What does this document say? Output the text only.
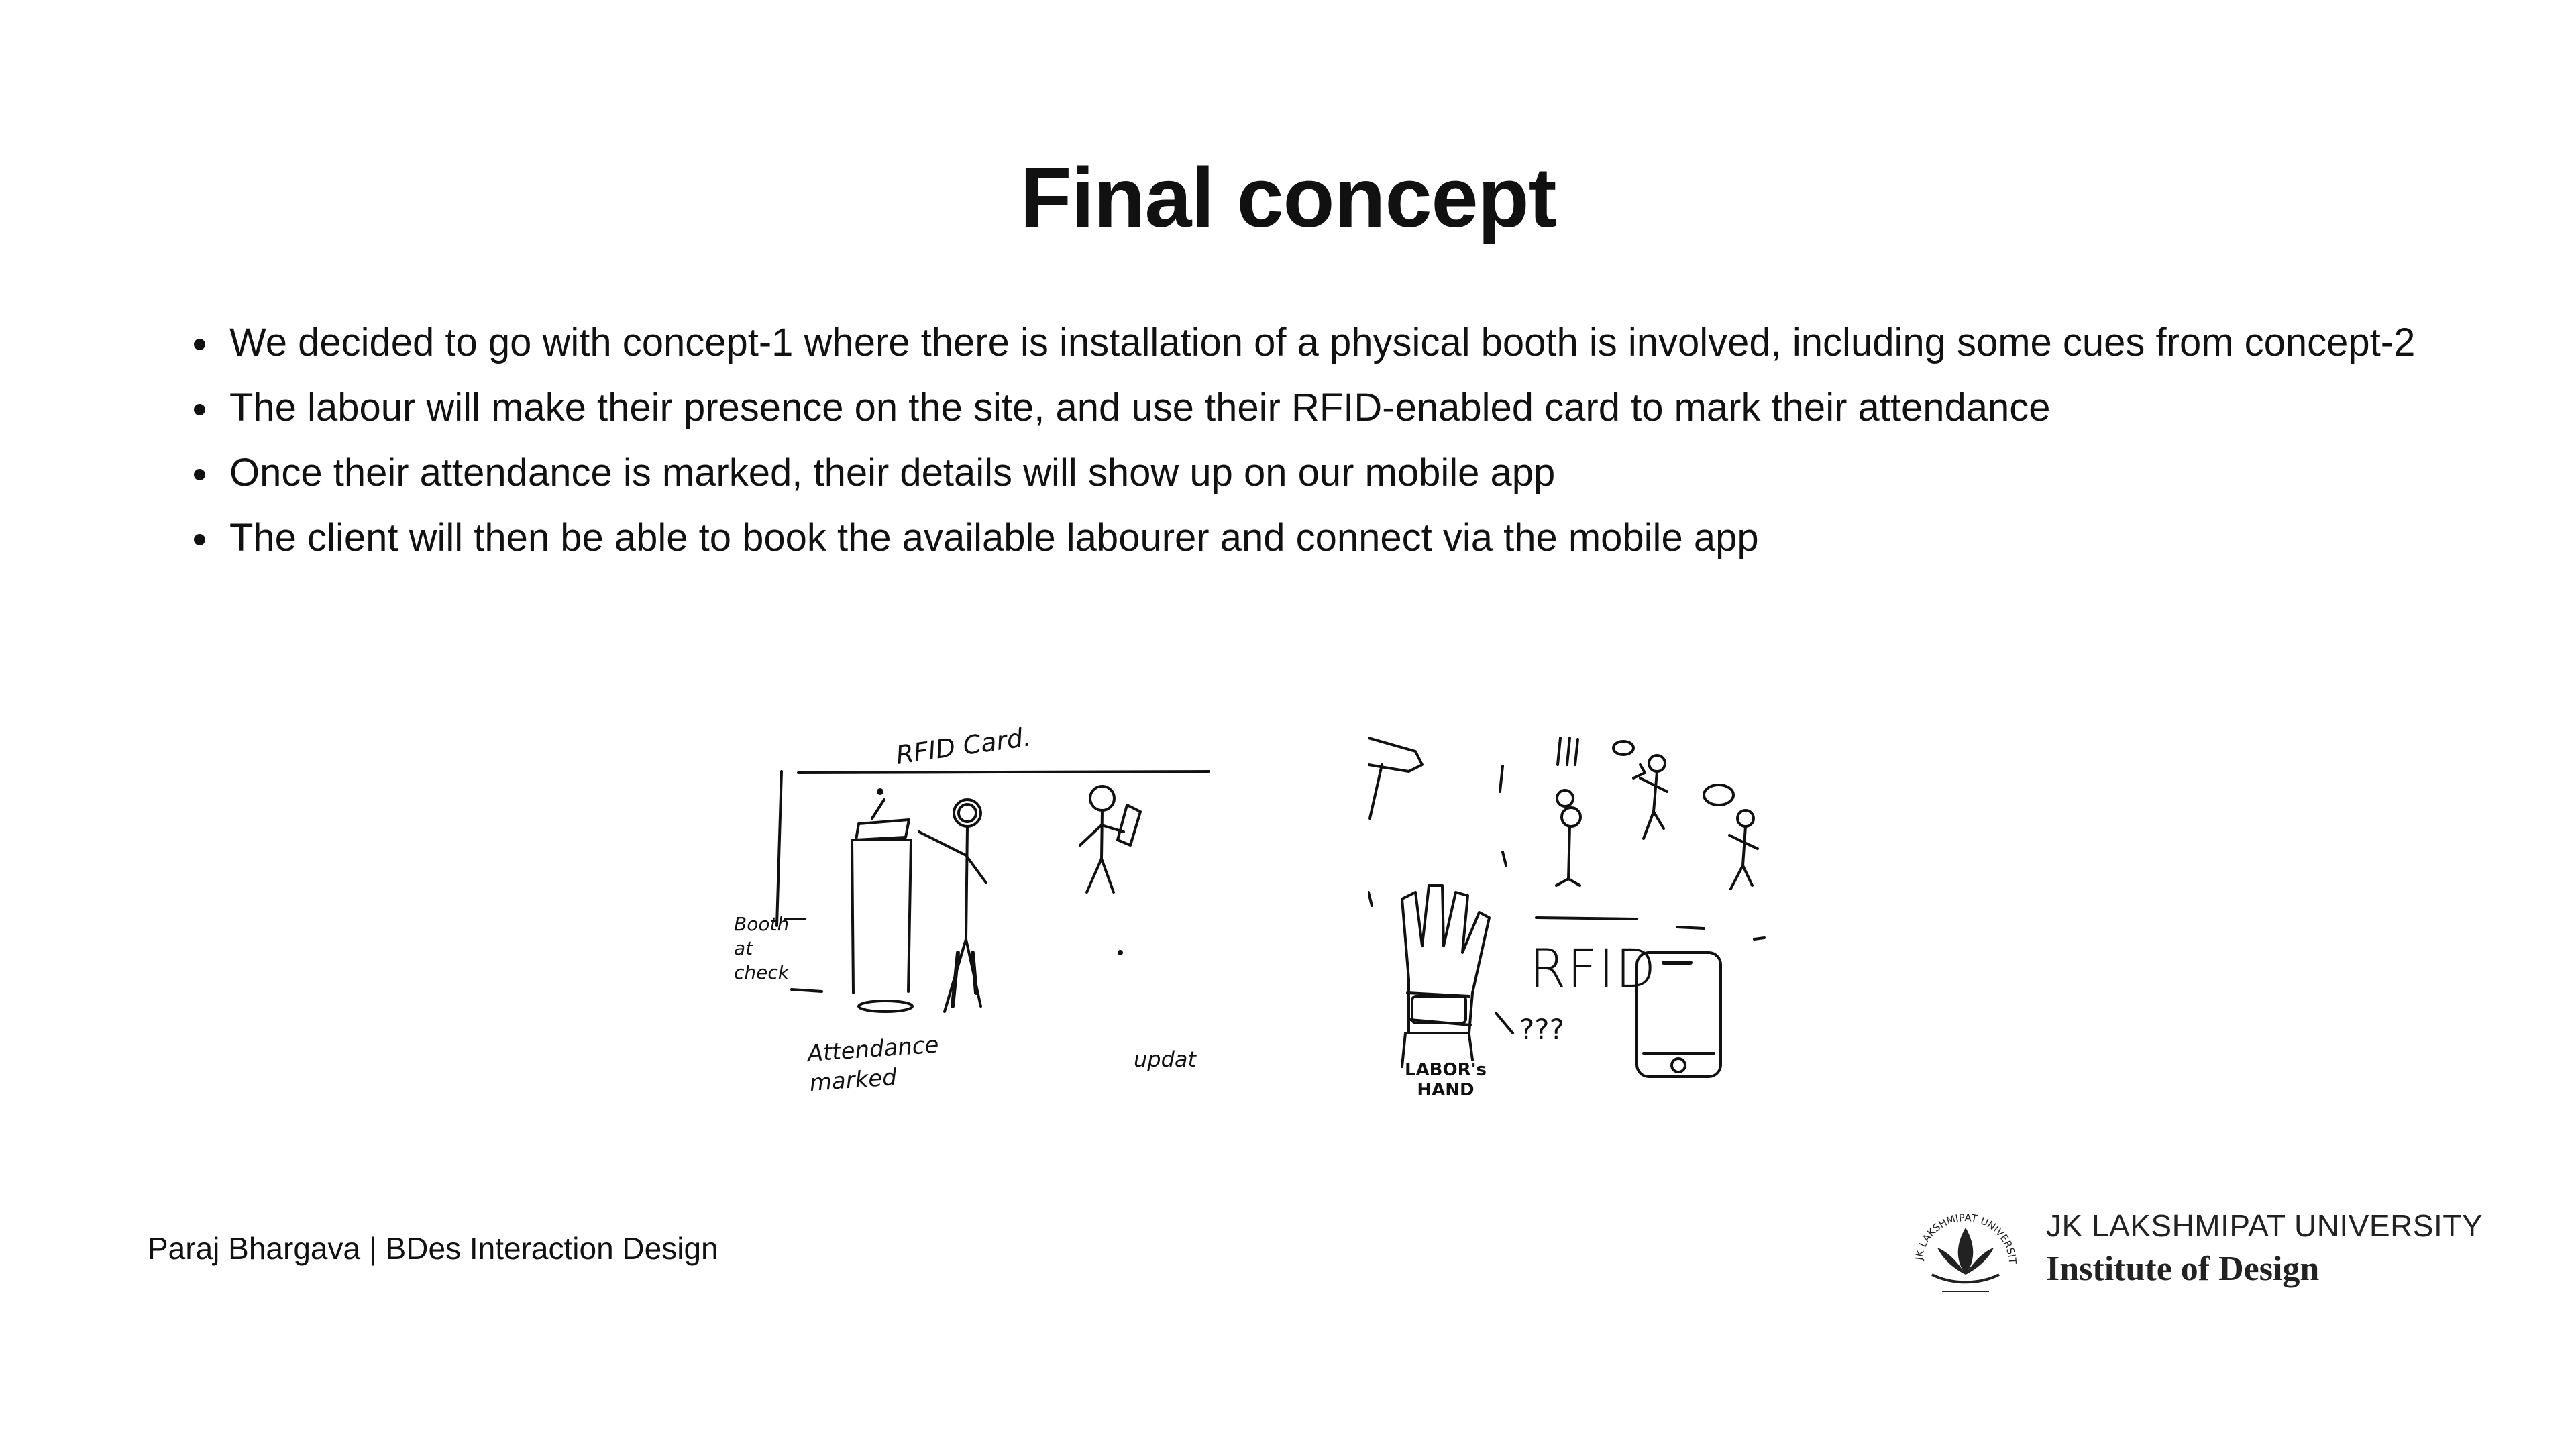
Final concept
• We decided to go with concept-1 where there is installation of a physical booth is involved, including some cues from concept-2
• The labour will make their presence on the site, and use their RFID-enabled card to mark their attendance
• Once their attendance is marked, their details will show up on our mobile app
• The client will then be able to book the available labourer and connect via the mobile app
RFID Card.
Booth at check
Attendance marked
updat
RFID
???
LABOR's HAND
Paraj Bhargava | BDes Interaction Design	JK LAKSHMIPAT UNIVERSIT
JK LAKSHMIPAT UNIVERSITY
Institute of Design
